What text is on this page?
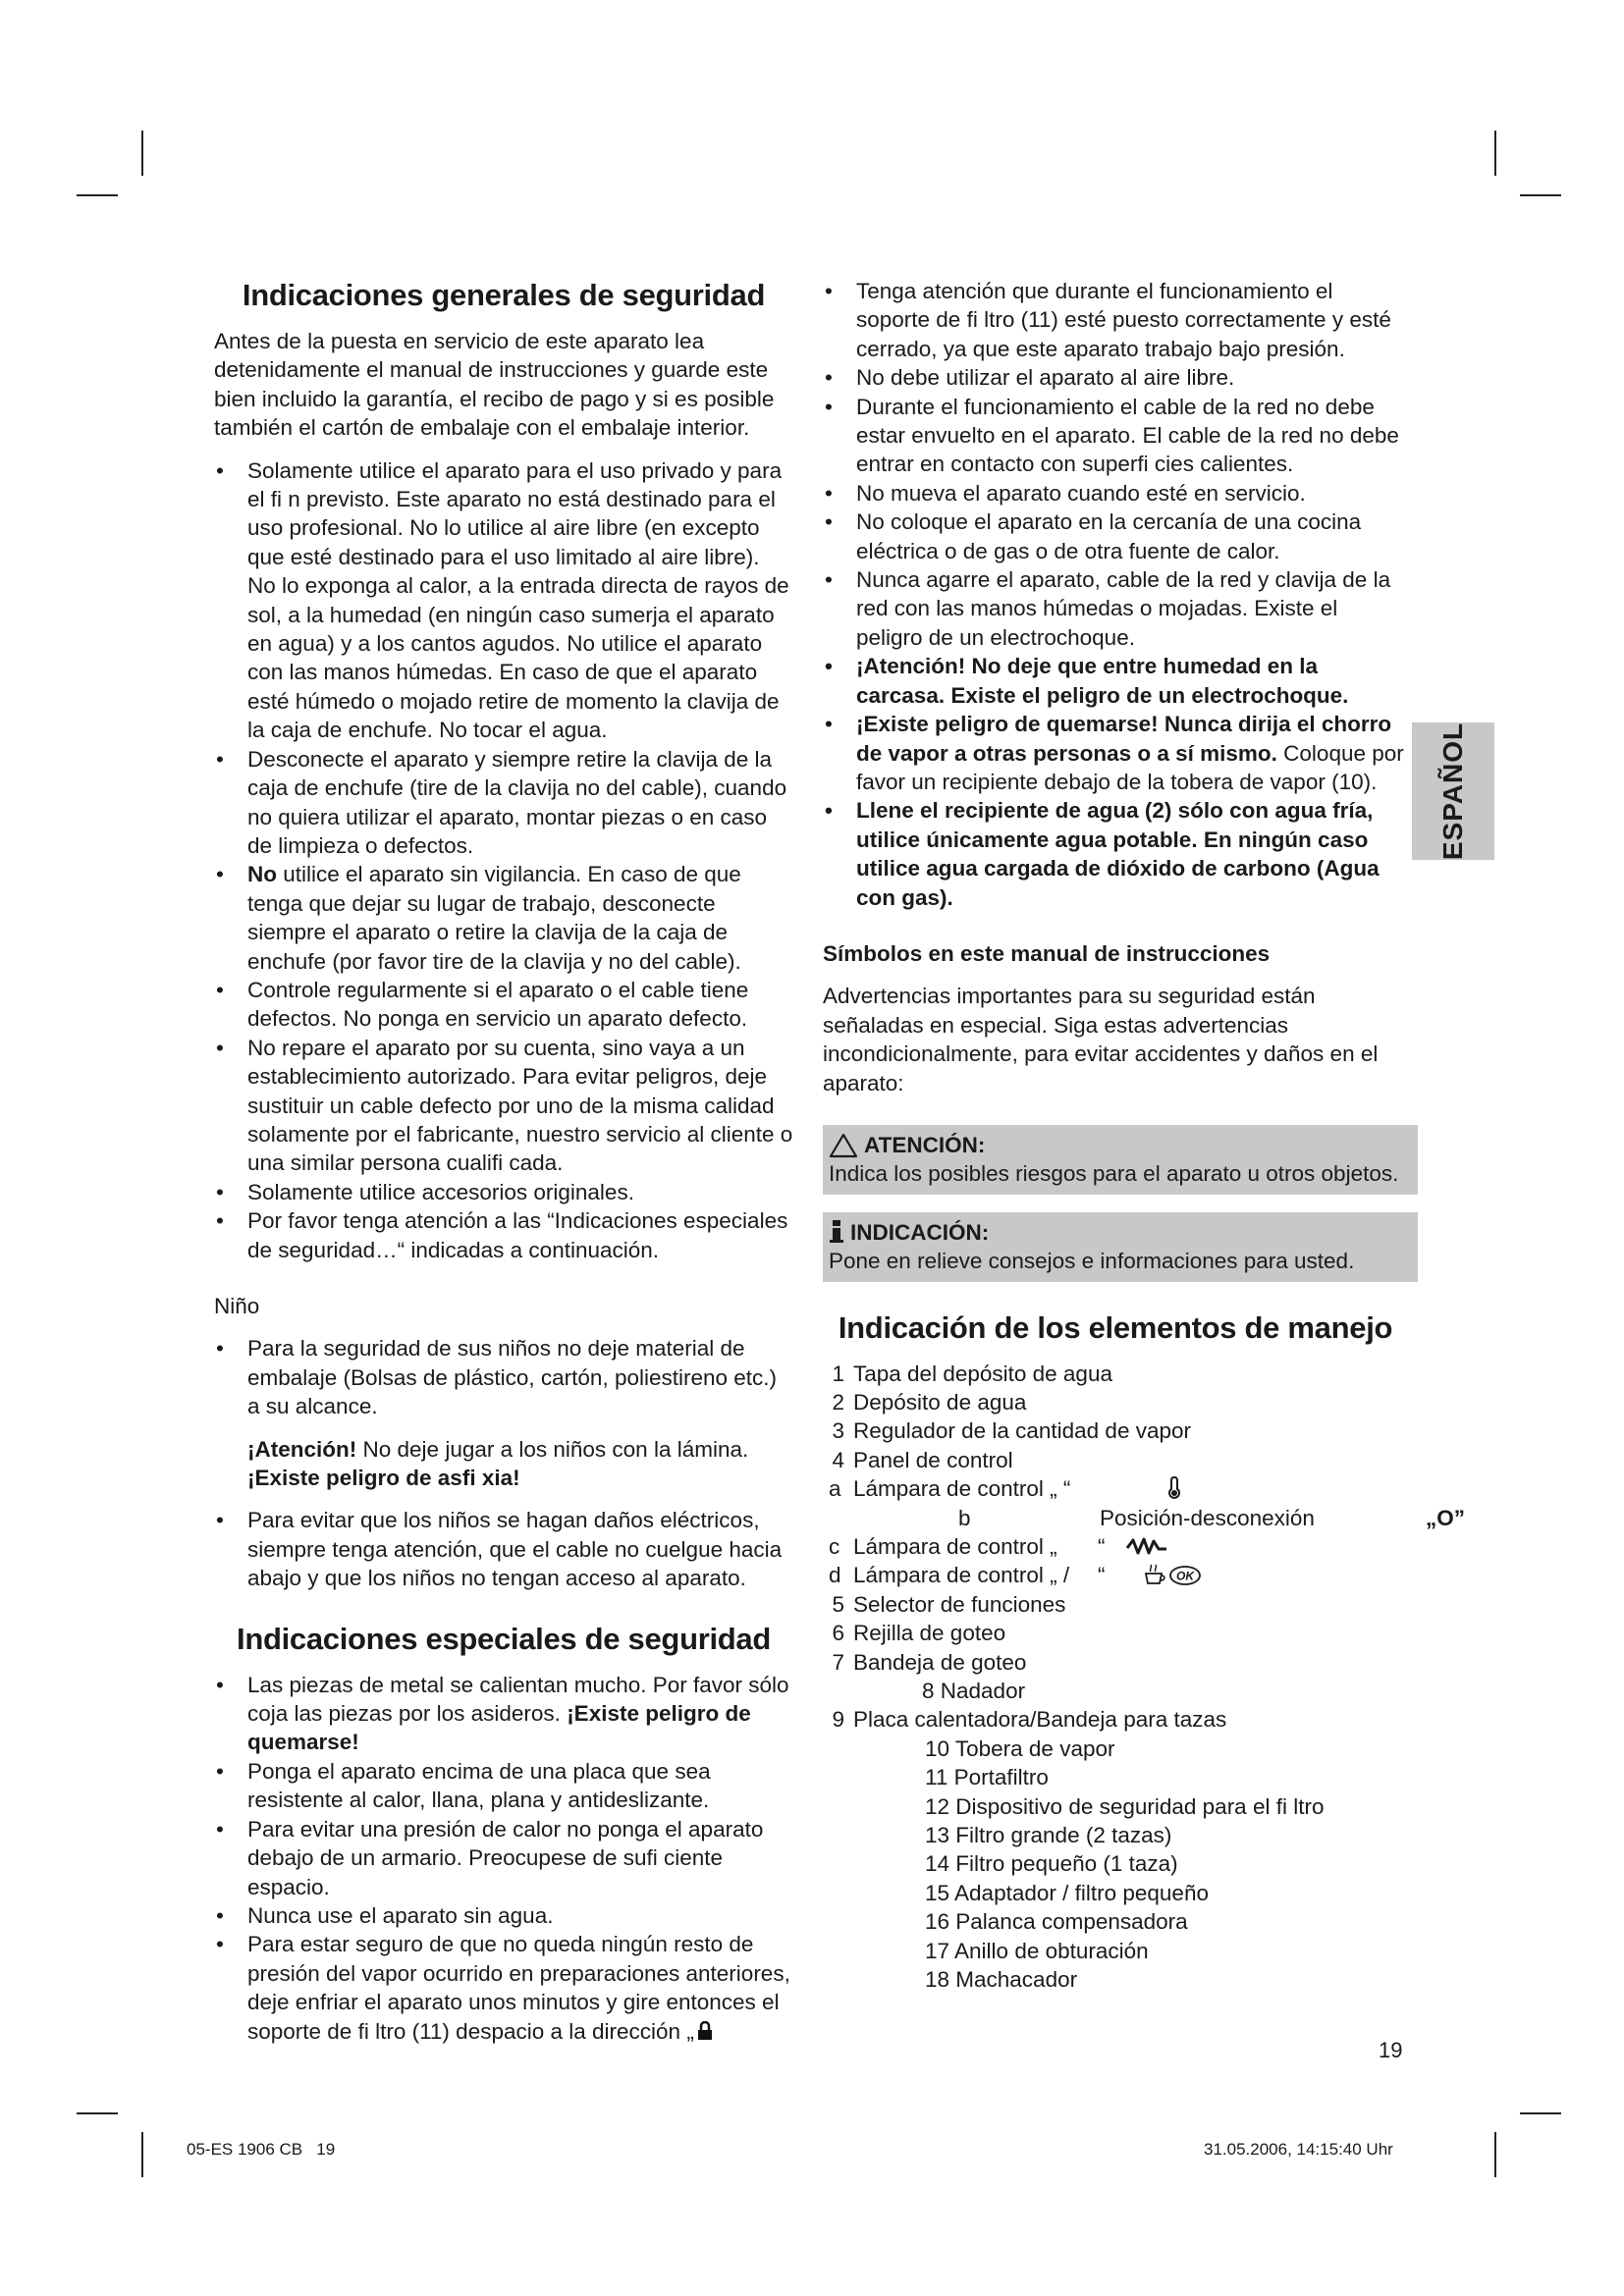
Indicaciones generales de seguridad

Antes de la puesta en servicio de este aparato lea detenidamente el manual de instrucciones y guarde este bien incluido la garantía, el recibo de pago y si es posible también el cartón de embalaje con el embalaje interior.

• Solamente utilice el aparato para el uso privado y para el fi n previsto. Este aparato no está destinado para el uso profesional. No lo utilice al aire libre (en excepto que esté destinado para el uso limitado al aire libre). No lo exponga al calor, a la entrada directa de rayos de sol, a la humedad (en ningún caso sumerja el aparato en agua) y a los cantos agudos. No utilice el aparato con las manos húmedas. En caso de que el aparato esté húmedo o mojado retire de momento la clavija de la caja de enchufe. No tocar el agua.
• Desconecte el aparato y siempre retire la clavija de la caja de enchufe (tire de la clavija no del cable), cuando no quiera utilizar el aparato, montar piezas o en caso de limpieza o defectos.
• No utilice el aparato sin vigilancia. En caso de que tenga que dejar su lugar de trabajo, desconecte siempre el aparato o retire la clavija de la caja de enchufe (por favor tire de la clavija y no del cable).
• Controle regularmente si el aparato o el cable tiene defectos. No ponga en servicio un aparato defecto.
• No repare el aparato por su cuenta, sino vaya a un establecimiento autorizado. Para evitar peligros, deje sustituir un cable defecto por uno de la misma calidad solamente por el fabricante, nuestro servicio al cliente o una similar persona cualifi cada.
• Solamente utilice accesorios originales.
• Por favor tenga atención a las “Indicaciones especiales de seguridad…“ indicadas a continuación.
Niño
• Para la seguridad de sus niños no deje material de embalaje (Bolsas de plástico, cartón, poliestireno etc.) a su alcance.

¡Atención! No deje jugar a los niños con la lámina. ¡Existe peligro de asfi xia!

• Para evitar que los niños se hagan daños eléctricos, siempre tenga atención, que el cable no cuelgue hacia abajo y que los niños no tengan acceso al aparato.
Indicaciones especiales de seguridad
• Las piezas de metal se calientan mucho. Por favor sólo coja las piezas por los asideros. ¡Existe peligro de quemarse!
• Ponga el aparato encima de una placa que sea resistente al calor, llana, plana y antideslizante.
• Para evitar una presión de calor no ponga el aparato debajo de un armario. Preocupese de sufi ciente espacio.
• Nunca use el aparato sin agua.
• Para estar seguro de que no queda ningún resto de presión del vapor ocurrido en preparaciones anteriores, deje enfriar el aparato unos minutos y gire entonces el soporte de fi ltro (11) despacio a la dirección „
• Tenga atención que durante el funcionamiento el soporte de fi ltro (11) esté puesto correctamente y esté cerrado, ya que este aparato trabajo bajo presión.
• No debe utilizar el aparato al aire libre.
• Durante el funcionamiento el cable de la red no debe estar envuelto en el aparato. El cable de la red no debe entrar en contacto con superfi cies calientes.
• No mueva el aparato cuando esté en servicio.
• No coloque el aparato en la cercanía de una cocina eléctrica o de gas o de otra fuente de calor.
• Nunca agarre el aparato, cable de la red y clavija de la red con las manos húmedas o mojadas. Existe el peligro de un electrochoque.
• ¡Atención! No deje que entre humedad en la carcasa. Existe el peligro de un electrochoque.
• ¡Existe peligro de quemarse! Nunca dirija el chorro de vapor a otras personas o a sí mismo. Coloque por favor un recipiente debajo de la tobera de vapor (10).
• Llene el recipiente de agua (2) sólo con agua fría, utilice únicamente agua potable. En ningún caso utilice agua cargada de dióxido de carbono (Agua con gas).
Símbolos en este manual de instrucciones

Advertencias importantes para su seguridad están señaladas en especial. Siga estas advertencias incondicionalmente, para evitar accidentes y daños en el aparato:

ATENCIÓN:
Indica los posibles riesgos para el aparato u otros objetos.
INDICACIÓN:
Pone en relieve consejos e informaciones para usted.
Indicación de los elementos de manejo
1 Tapa del depósito de agua
2 Depósito de agua
3 Regulador de la cantidad de vapor
4 Panel de control
a Lámpara de control „ “
b	Posición-desconexión	„O”
c Lámpara de control „ “
d Lámpara de control „ / “	OK
5 Selector de funciones
6 Rejilla de goteo
7 Bandeja de goteo
8 Nadador
9 Placa calentadora/Bandeja para tazas
10 Tobera de vapor
11 Portafiltro
12 Dispositivo de seguridad para el fi ltro
13 Filtro grande (2 tazas)
14 Filtro pequeño (1 taza)
15 Adaptador / filtro pequeño
16 Palanca compensadora
17 Anillo de obturación
18 Machacador
ESPAÑOL
19
05-ES 1906 CB   19	31.05.2006, 14:15:40 Uhr
